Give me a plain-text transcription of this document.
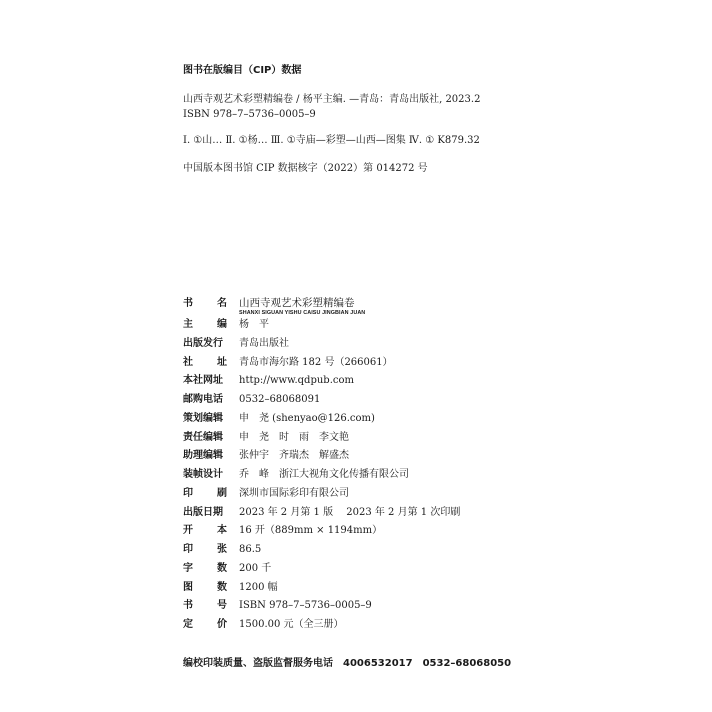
图书在版编目（CIP）数据
山西寺观艺术彩塑精编卷 / 杨平主编. —青岛：青岛出版社, 2023.2
ISBN 978–7–5736–0005–9
Ⅰ. ①山… Ⅱ. ①杨… Ⅲ. ①寺庙—彩塑—山西—图集 Ⅳ. ① K879.32
中国版本图书馆 CIP 数据核字（2022）第 014272 号
书 名 山西寺观艺术彩塑精编卷
SHANXI SIGUAN YISHU CAISU JINGBIAN JUAN
主 编 杨　平
出版发行 青岛出版社
社 址 青岛市海尔路 182 号（266061）
本社网址 http://www.qdpub.com
邮购电话 0532–68068091
策划编辑 申　尧 (shenyao@126.com)
责任编辑 申　尧　时　雨　李文艳
助理编辑 张仲宇　齐瑞杰　解盛杰
装帧设计 乔　峰　浙江大视角文化传播有限公司
印 刷 深圳市国际彩印有限公司
出版日期 2023 年 2 月第 1 版　 2023 年 2 月第 1 次印刷
开 本 16 开（889mm × 1194mm）
印 张 86.5
字 数 200 千
图 数 1200 幅
书 号 ISBN 978–7–5736–0005–9
定 价 1500.00 元（全三册）
编校印装质量、盗版监督服务电话　4006532017　0532–68068050
